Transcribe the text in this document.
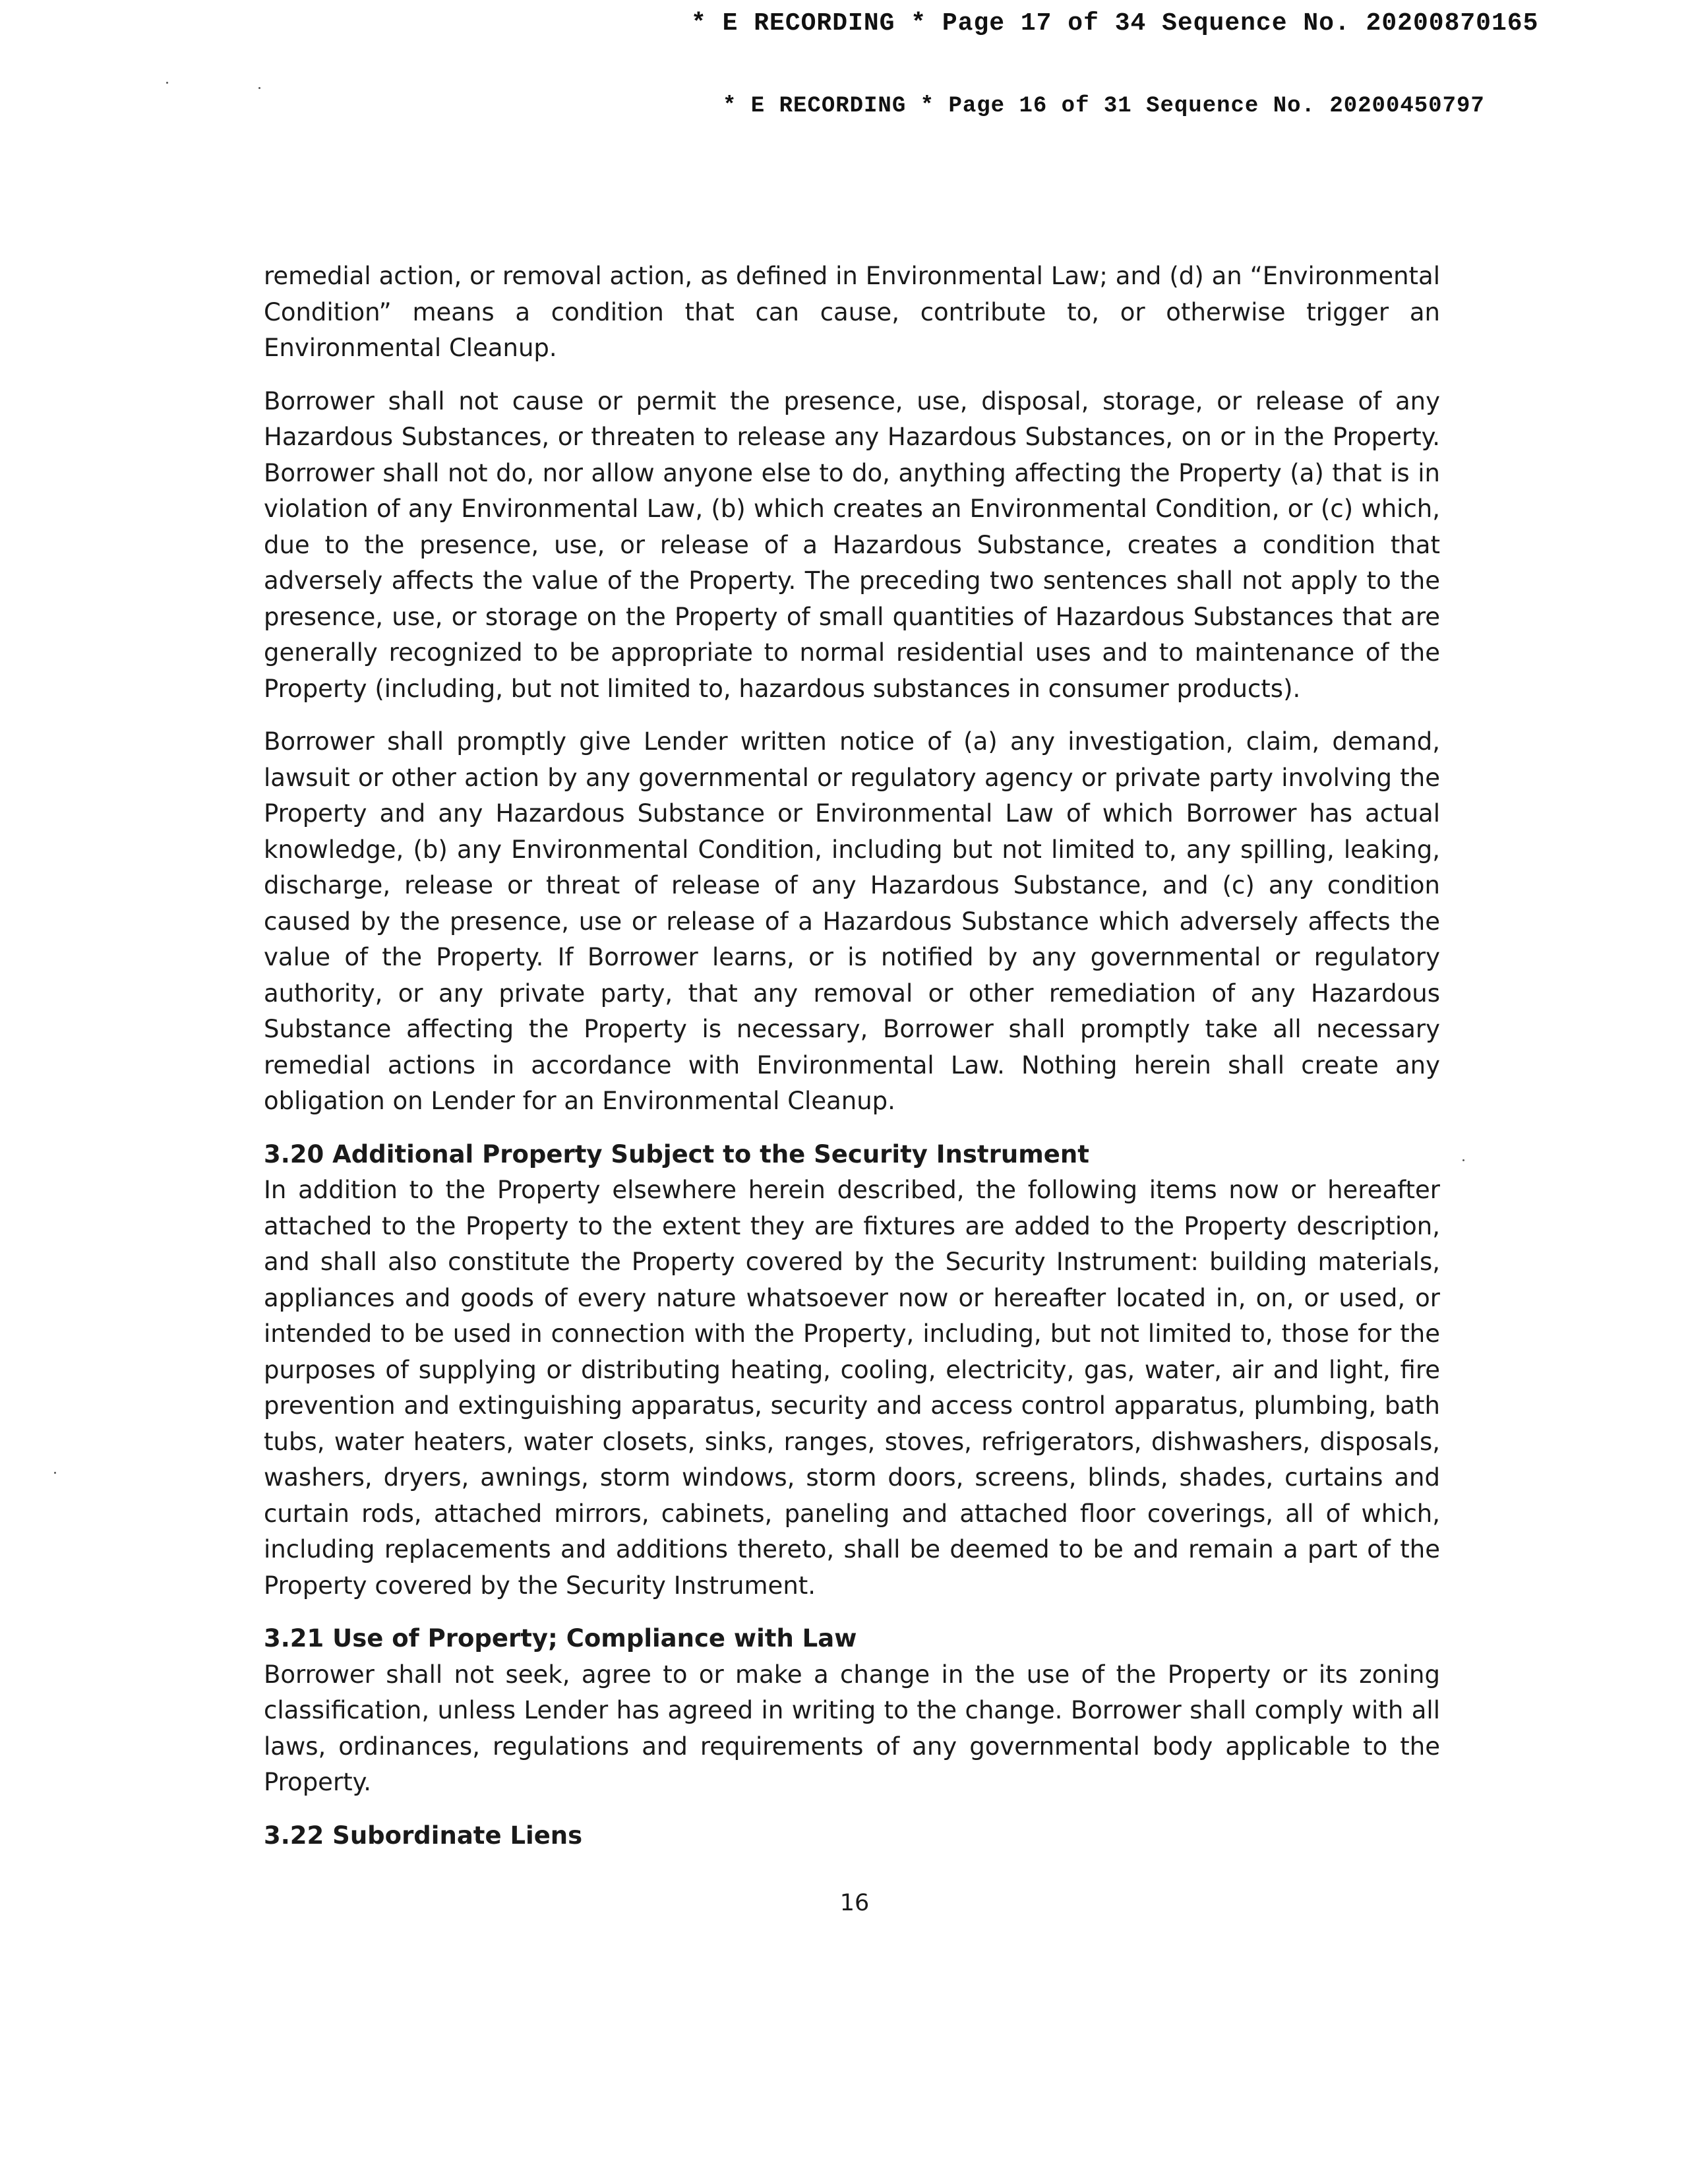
* E RECORDING * Page 17 of 34 Sequence No. 20200870165
* E RECORDING * Page 16 of 31 Sequence No. 20200450797

remedial action, or removal action, as defined in Environmental Law; and (d) an “Environmental Condition” means a condition that can cause, contribute to, or otherwise trigger an Environmental Cleanup.

Borrower shall not cause or permit the presence, use, disposal, storage, or release of any Hazardous Substances, or threaten to release any Hazardous Substances, on or in the Property. Borrower shall not do, nor allow anyone else to do, anything affecting the Property (a) that is in violation of any Environmental Law, (b) which creates an Environmental Condition, or (c) which, due to the presence, use, or release of a Hazardous Substance, creates a condition that adversely affects the value of the Property. The preceding two sentences shall not apply to the presence, use, or storage on the Property of small quantities of Hazardous Substances that are generally recognized to be appropriate to normal residential uses and to maintenance of the Property (including, but not limited to, hazardous substances in consumer products).

Borrower shall promptly give Lender written notice of (a) any investigation, claim, demand, lawsuit or other action by any governmental or regulatory agency or private party involving the Property and any Hazardous Substance or Environmental Law of which Borrower has actual knowledge, (b) any Environmental Condition, including but not limited to, any spilling, leaking, discharge, release or threat of release of any Hazardous Substance, and (c) any condition caused by the presence, use or release of a Hazardous Substance which adversely affects the value of the Property. If Borrower learns, or is notified by any governmental or regulatory authority, or any private party, that any removal or other remediation of any Hazardous Substance affecting the Property is necessary, Borrower shall promptly take all necessary remedial actions in accordance with Environmental Law. Nothing herein shall create any obligation on Lender for an Environmental Cleanup.

3.20 Additional Property Subject to the Security Instrument

In addition to the Property elsewhere herein described, the following items now or hereafter attached to the Property to the extent they are fixtures are added to the Property description, and shall also constitute the Property covered by the Security Instrument: building materials, appliances and goods of every nature whatsoever now or hereafter located in, on, or used, or intended to be used in connection with the Property, including, but not limited to, those for the purposes of supplying or distributing heating, cooling, electricity, gas, water, air and light, fire prevention and extinguishing apparatus, security and access control apparatus, plumbing, bath tubs, water heaters, water closets, sinks, ranges, stoves, refrigerators, dishwashers, disposals, washers, dryers, awnings, storm windows, storm doors, screens, blinds, shades, curtains and curtain rods, attached mirrors, cabinets, paneling and attached floor coverings, all of which, including replacements and additions thereto, shall be deemed to be and remain a part of the Property covered by the Security Instrument.

3.21 Use of Property; Compliance with Law

Borrower shall not seek, agree to or make a change in the use of the Property or its zoning classification, unless Lender has agreed in writing to the change. Borrower shall comply with all laws, ordinances, regulations and requirements of any governmental body applicable to the Property.

3.22 Subordinate Liens
16
